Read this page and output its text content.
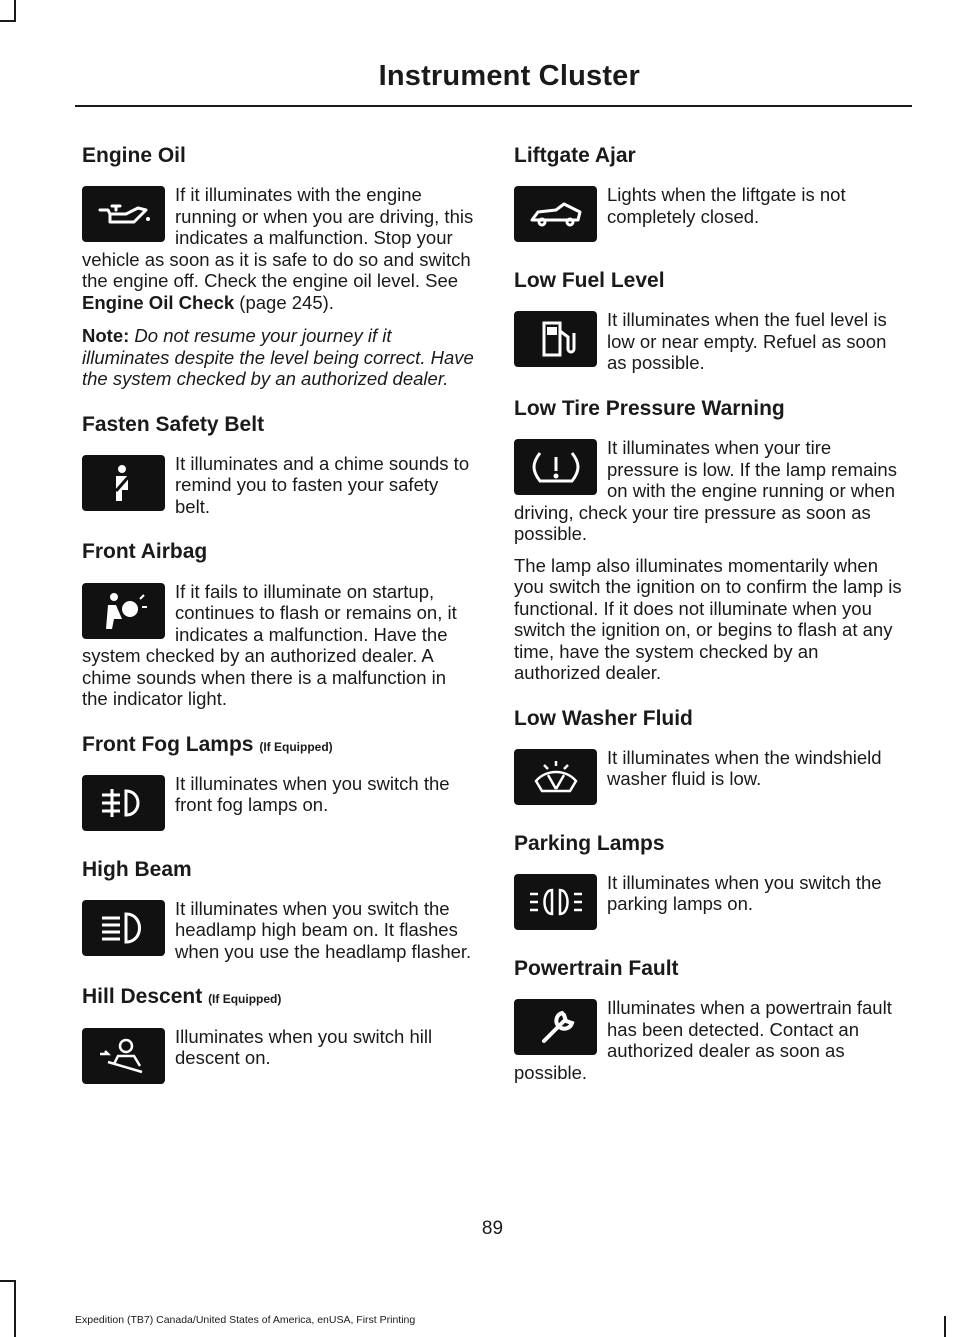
Instrument Cluster
Engine Oil

If it illuminates with the engine running or when you are driving, this indicates a malfunction. Stop your vehicle as soon as it is safe to do so and switch the engine off. Check the engine oil level. See Engine Oil Check (page 245).

Note: Do not resume your journey if it illuminates despite the level being correct. Have the system checked by an authorized dealer.

Fasten Safety Belt

It illuminates and a chime sounds to remind you to fasten your safety belt.

Front Airbag

If it fails to illuminate on startup, continues to flash or remains on, it indicates a malfunction. Have the system checked by an authorized dealer. A chime sounds when there is a malfunction in the indicator light.

Front Fog Lamps (If Equipped)

It illuminates when you switch the front fog lamps on.

High Beam

It illuminates when you switch the headlamp high beam on. It flashes when you use the headlamp flasher.

Hill Descent (If Equipped)

Illuminates when you switch hill descent on.

Liftgate Ajar

Lights when the liftgate is not completely closed.

Low Fuel Level

It illuminates when the fuel level is low or near empty. Refuel as soon as possible.

Low Tire Pressure Warning

It illuminates when your tire pressure is low. If the lamp remains on with the engine running or when driving, check your tire pressure as soon as possible.

The lamp also illuminates momentarily when you switch the ignition on to confirm the lamp is functional. If it does not illuminate when you switch the ignition on, or begins to flash at any time, have the system checked by an authorized dealer.

Low Washer Fluid

It illuminates when the windshield washer fluid is low.

Parking Lamps

It illuminates when you switch the parking lamps on.

Powertrain Fault

Illuminates when a powertrain fault has been detected. Contact an authorized dealer as soon as possible.

89
Expedition (TB7) Canada/United States of America, enUSA, First Printing
